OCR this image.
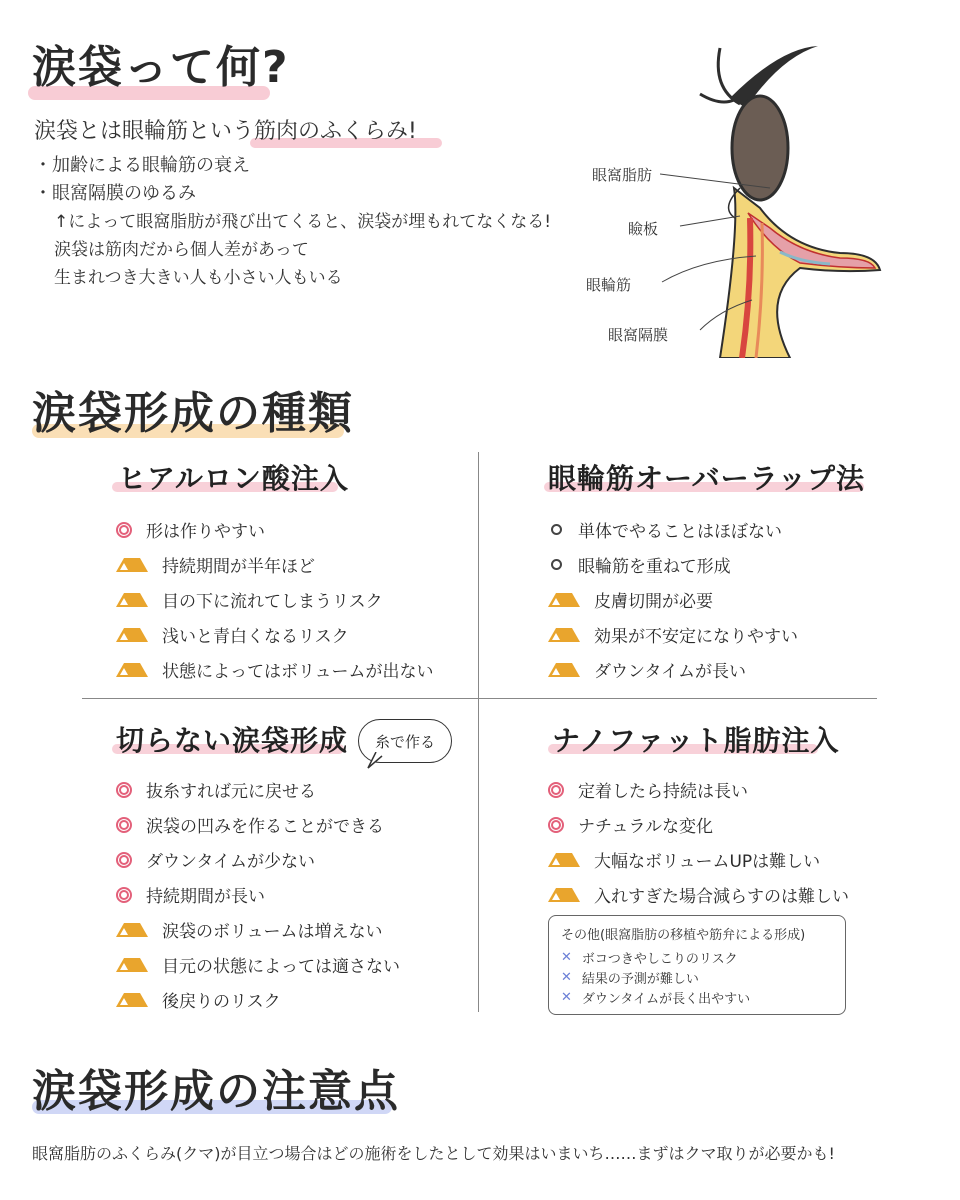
涙袋って何?
涙袋とは眼輪筋という筋肉のふくらみ!
・加齢による眼輪筋の衰え
・眼窩隔膜のゆるみ
↑によって眼窩脂肪が飛び出てくると、涙袋が埋もれてなくなる!
涙袋は筋肉だから個人差があって
生まれつき大きい人も小さい人もいる
眼窩脂肪
瞼板
眼輪筋
眼窩隔膜
涙袋形成の種類
ヒアルロン酸注入
形は作りやすい
持続期間が半年ほど
目の下に流れてしまうリスク
浅いと青白くなるリスク
状態によってはボリュームが出ない
眼輪筋オーバーラップ法
単体でやることはほぼない
眼輪筋を重ねて形成
皮膚切開が必要
効果が不安定になりやすい
ダウンタイムが長い
切らない涙袋形成 糸で作る
抜糸すれば元に戻せる
涙袋の凹みを作ることができる
ダウンタイムが少ない
持続期間が長い
涙袋のボリュームは増えない
目元の状態によっては適さない
後戻りのリスク
ナノファット脂肪注入
定着したら持続は長い
ナチュラルな変化
大幅なボリュームUPは難しい
入れすぎた場合減らすのは難しい
その他(眼窩脂肪の移植や筋弁による形成)
✕ ボコつきやしこりのリスク
✕ 結果の予測が難しい
✕ ダウンタイムが長く出やすい
涙袋形成の注意点
眼窩脂肪のふくらみ(クマ)が目立つ場合はどの施術をしたとして効果はいまいち……まずはクマ取りが必要かも!
